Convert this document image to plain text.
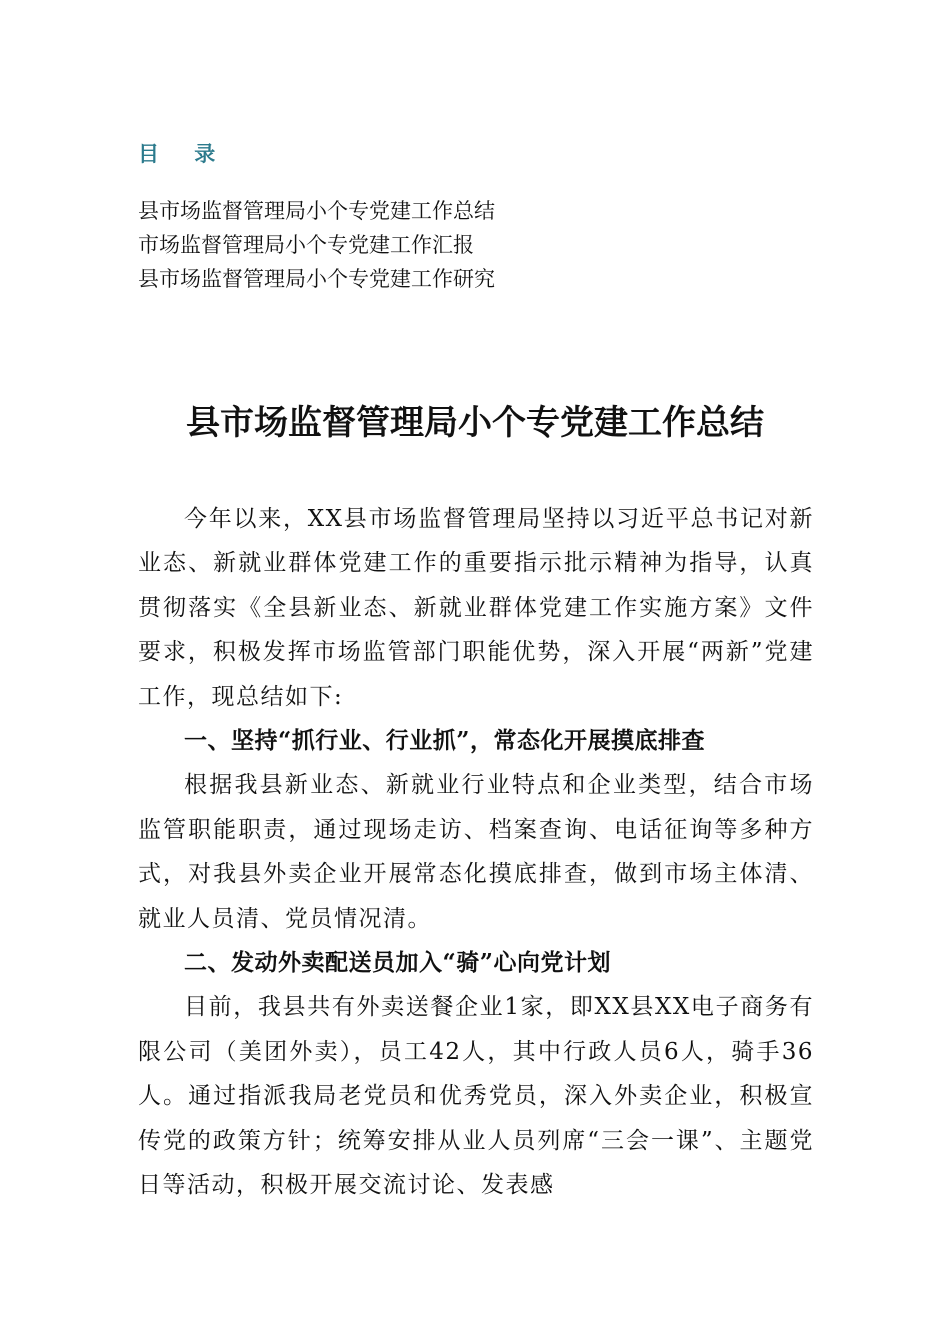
目 录
县市场监督管理局小个专党建工作总结
市场监督管理局小个专党建工作汇报
县市场监督管理局小个专党建工作研究
县市场监督管理局小个专党建工作总结

今年以来，XX县市场监督管理局坚持以习近平总书记对新业态、新就业群体党建工作的重要指示批示精神为指导，认真贯彻落实《全县新业态、新就业群体党建工作实施方案》文件要求，积极发挥市场监管部门职能优势，深入开展“两新”党建工作，现总结如下:

一、坚持“抓行业、行业抓”，常态化开展摸底排查

根据我县新业态、新就业行业特点和企业类型，结合市场监管职能职责，通过现场走访、档案查询、电话征询等多种方式，对我县外卖企业开展常态化摸底排查，做到市场主体清、就业人员清、党员情况清。

二、发动外卖配送员加入“骑”心向党计划

目前，我县共有外卖送餐企业1家，即XX县XX电子商务有限公司（美团外卖），员工42人，其中行政人员6人，骑手36人。通过指派我局老党员和优秀党员，深入外卖企业，积极宣传党的政策方针；统筹安排从业人员列席“三会一课”、主题党日等活动，积极开展交流讨论、发表感
